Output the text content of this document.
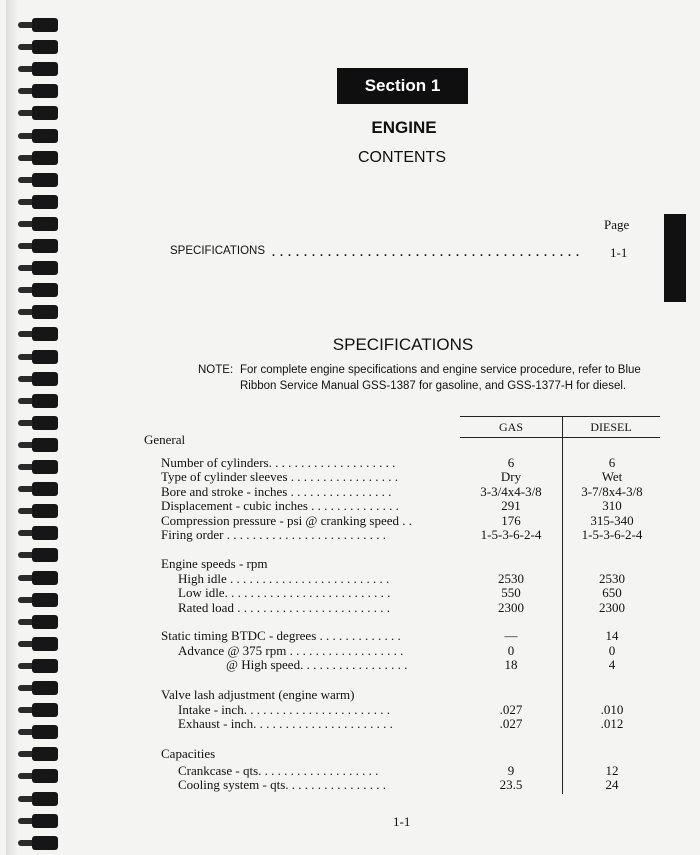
Section 1
ENGINE
CONTENTS
Page
SPECIFICATIONS . . . . . . . . . . . . . . . . . . . . . . . . . . . . . . . . . . . . . . . 1-1
SPECIFICATIONS
NOTE: For complete engine specifications and engine service procedure, refer to Blue
Ribbon Service Manual GSS-1387 for gasoline, and GSS-1377-H for diesel.
GAS	DIESEL
General
Number of cylinders. . . . . . . . . . . . . . . . . . . .	6	6
Type of cylinder sleeves . . . . . . . . . . . . . . . . .	Dry	Wet
Bore and stroke - inches . . . . . . . . . . . . . . . .	3-3/4x4-3/8	3-7/8x4-3/8
Displacement - cubic inches . . . . . . . . . . . . . .	291	310
Compression pressure - psi @ cranking speed . .	176	315-340
Firing order . . . . . . . . . . . . . . . . . . . . . . . . .	1-5-3-6-2-4	1-5-3-6-2-4
Engine speeds - rpm
High idle . . . . . . . . . . . . . . . . . . . . . . . . .	2530	2530
Low idle. . . . . . . . . . . . . . . . . . . . . . . . . .	550	650
Rated load . . . . . . . . . . . . . . . . . . . . . . . .	2300	2300
Static timing BTDC - degrees . . . . . . . . . . . . .	—	14
Advance @ 375 rpm . . . . . . . . . . . . . . . . . .	0	0
@ High speed. . . . . . . . . . . . . . . . .	18	4
Valve lash adjustment (engine warm)
Intake - inch. . . . . . . . . . . . . . . . . . . . . . .	.027	.010
Exhaust - inch. . . . . . . . . . . . . . . . . . . . . .	.027	.012
Capacities
Crankcase - qts. . . . . . . . . . . . . . . . . . .	9	12
Cooling system - qts. . . . . . . . . . . . . . . .	23.5	24
1-1
